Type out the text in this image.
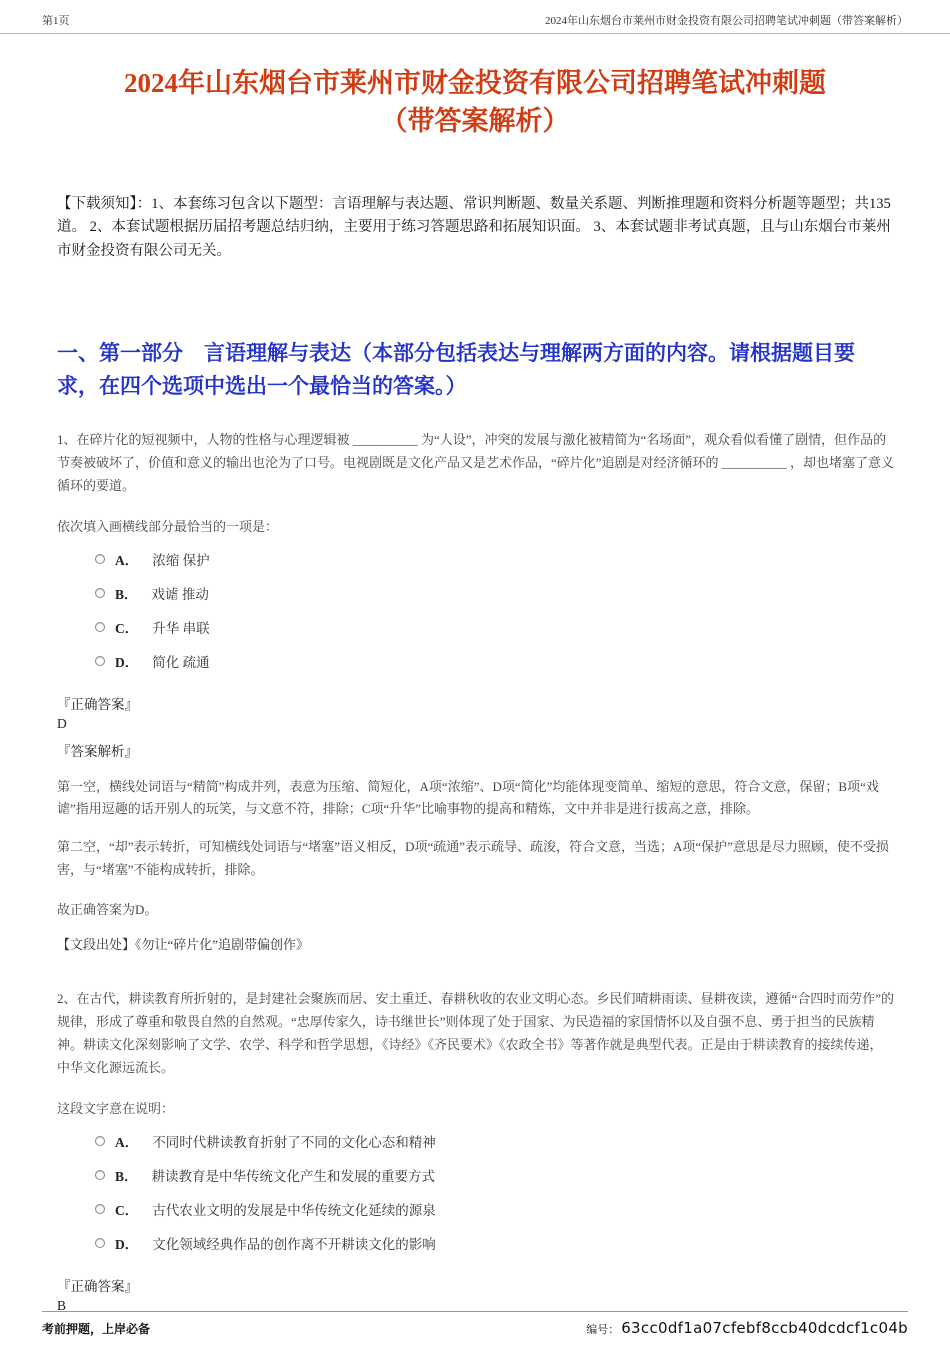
第1页	2024年山东烟台市莱州市财金投资有限公司招聘笔试冲刺题（带答案解析）
2024年山东烟台市莱州市财金投资有限公司招聘笔试冲刺题
（带答案解析）
【下载须知】：1、本套练习包含以下题型：言语理解与表达题、常识判断题、数量关系题、判断推理题和资料分析题等题型；共135道。 2、本套试题根据历届招考题总结归纳，主要用于练习答题思路和拓展知识面。 3、本套试题非考试真题，且与山东烟台市莱州市财金投资有限公司无关。
一、第一部分　言语理解与表达（本部分包括表达与理解两方面的内容。请根据题目要求，在四个选项中选出一个最恰当的答案。）
1、在碎片化的短视频中，人物的性格与心理逻辑被 __________ 为“人设”，冲突的发展与激化被精简为“名场面”，观众看似看懂了剧情，但作品的节奏被破坏了，价值和意义的输出也沦为了口号。电视剧既是文化产品又是艺术作品，“碎片化”追剧是对经济循环的 __________ ，却也堵塞了意义循环的要道。
依次填入画横线部分最恰当的一项是：
A． 浓缩 保护
B． 戏谑 推动
C． 升华 串联
D． 简化 疏通
『正确答案』
D
『答案解析』

第一空，横线处词语与“精简”构成并列，表意为压缩、简短化，A项“浓缩”、D项“简化”均能体现变简单、缩短的意思，符合文意，保留；B项“戏谑”指用逗趣的话开别人的玩笑，与文意不符，排除；C项“升华”比喻事物的提高和精炼，文中并非是进行拔高之意，排除。

第二空，“却”表示转折，可知横线处词语与“堵塞”语义相反，D项“疏通”表示疏导、疏浚，符合文意，当选；A项“保护”意思是尽力照顾，使不受损害，与“堵塞”不能构成转折，排除。

故正确答案为D。
【文段出处】《勿让“碎片化”追剧带偏创作》
2、在古代，耕读教育所折射的，是封建社会聚族而居、安土重迁、春耕秋收的农业文明心态。乡民们晴耕雨读、昼耕夜读，遵循“合四时而劳作”的规律，形成了尊重和敬畏自然的自然观。“忠厚传家久，诗书继世长”则体现了处于国家、为民造福的家国情怀以及自强不息、勇于担当的民族精神。耕读文化深刻影响了文学、农学、科学和哲学思想，《诗经》《齐民要术》《农政全书》等著作就是典型代表。正是由于耕读教育的接续传递，中华文化源远流长。
这段文字意在说明：
A． 不同时代耕读教育折射了不同的文化心态和精神
B． 耕读教育是中华传统文化产生和发展的重要方式
C． 古代农业文明的发展是中华传统文化延续的源泉
D． 文化领域经典作品的创作离不开耕读文化的影响
『正确答案』
B
考前押题，上岸必备	编号： 63cc0df1a07cfebf8ccb40dcdcf1c04b
